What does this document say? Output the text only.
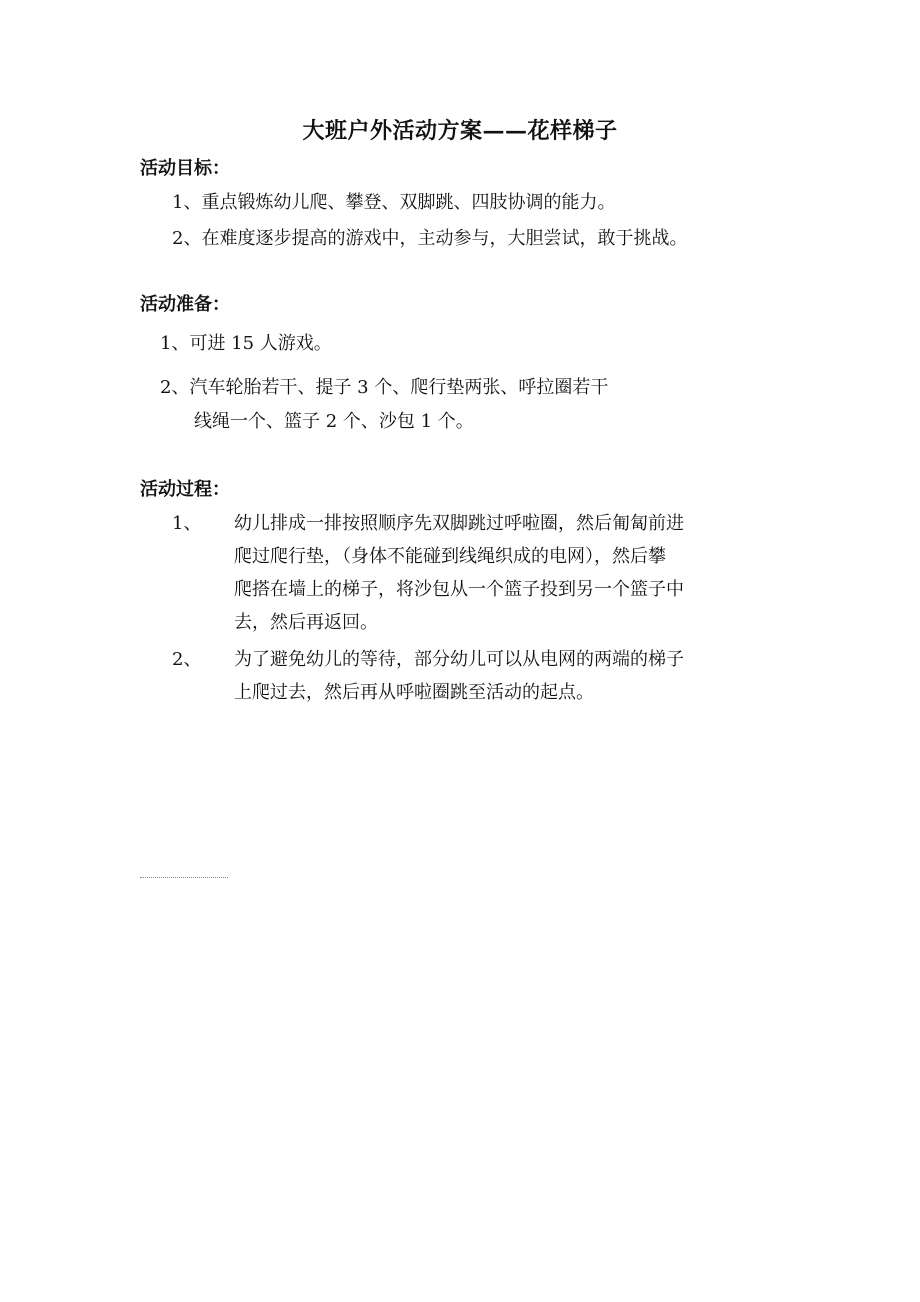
大班户外活动方案——花样梯子
活动目标：
1、重点锻炼幼儿爬、攀登、双脚跳、四肢协调的能力。
2、在难度逐步提高的游戏中，主动参与，大胆尝试，敢于挑战。
活动准备：
1、可进 15 人游戏。
2、汽车轮胎若干、提子 3 个、爬行垫两张、呼拉圈若干
线绳一个、篮子 2 个、沙包 1 个。
活动过程：
1、 幼儿排成一排按照顺序先双脚跳过呼啦圈，然后匍匐前进
爬过爬行垫，（身体不能碰到线绳织成的电网），然后攀
爬搭在墙上的梯子，将沙包从一个篮子投到另一个篮子中
去，然后再返回。
2、 为了避免幼儿的等待，部分幼儿可以从电网的两端的梯子
上爬过去，然后再从呼啦圈跳至活动的起点。
